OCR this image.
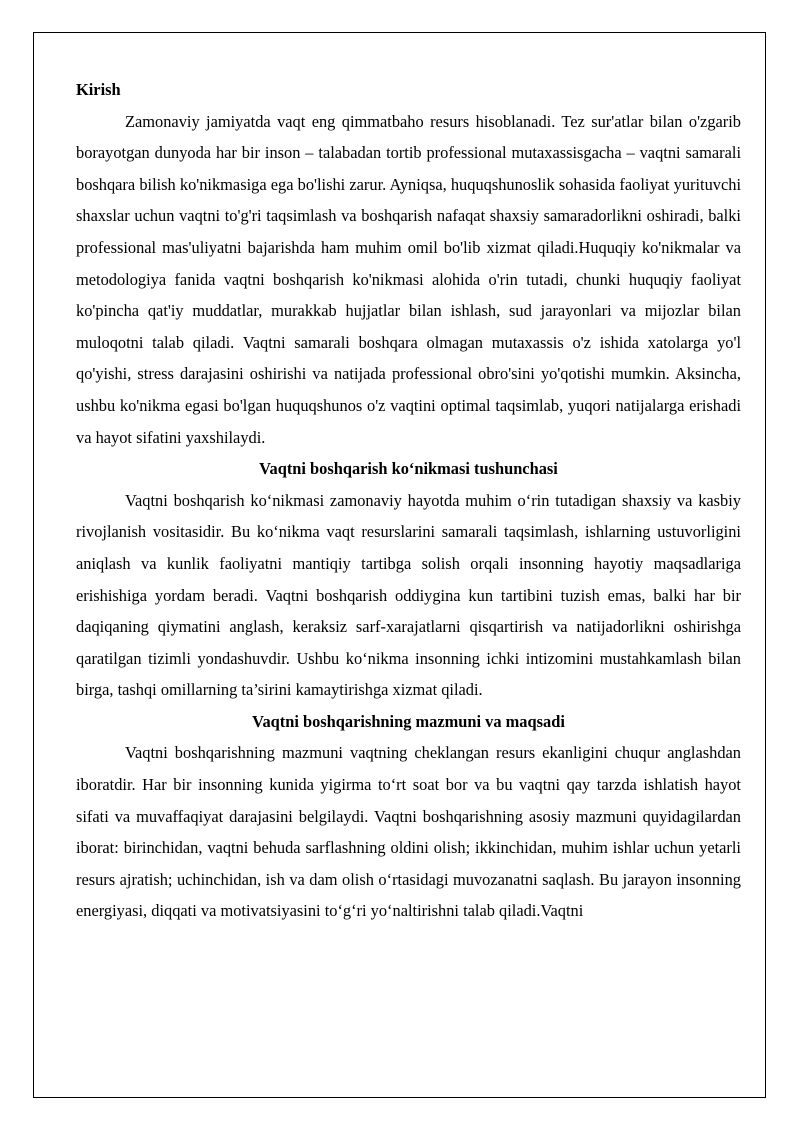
Kirish

Zamonaviy jamiyatda vaqt eng qimmatbaho resurs hisoblanadi. Tez sur'atlar bilan o'zgarib borayotgan dunyoda har bir inson – talabadan tortib professional mutaxassisgacha – vaqtni samarali boshqara bilish ko'nikmasiga ega bo'lishi zarur. Ayniqsa, huquqshunoslik sohasida faoliyat yurituvchi shaxslar uchun vaqtni to'g'ri taqsimlash va boshqarish nafaqat shaxsiy samaradorlikni oshiradi, balki professional mas'uliyatni bajarishda ham muhim omil bo'lib xizmat qiladi.Huquqiy ko'nikmalar va metodologiya fanida vaqtni boshqarish ko'nikmasi alohida o'rin tutadi, chunki huquqiy faoliyat ko'pincha qat'iy muddatlar, murakkab hujjatlar bilan ishlash, sud jarayonlari va mijozlar bilan muloqotni talab qiladi. Vaqtni samarali boshqara olmagan mutaxassis o'z ishida xatolarga yo'l qo'yishi, stress darajasini oshirishi va natijada professional obro'sini yo'qotishi mumkin. Aksincha, ushbu ko'nikma egasi bo'lgan huquqshunos o'z vaqtini optimal taqsimlab, yuqori natijalarga erishadi va hayot sifatini yaxshilaydi.

Vaqtni boshqarish ko‘nikmasi tushunchasi

Vaqtni boshqarish ko‘nikmasi zamonaviy hayotda muhim o‘rin tutadigan shaxsiy va kasbiy rivojlanish vositasidir. Bu ko‘nikma vaqt resurslarini samarali taqsimlash, ishlarning ustuvorligini aniqlash va kunlik faoliyatni mantiqiy tartibga solish orqali insonning hayotiy maqsadlariga erishishiga yordam beradi. Vaqtni boshqarish oddiygina kun tartibini tuzish emas, balki har bir daqiqaning qiymatini anglash, keraksiz sarf-xarajatlarni qisqartirish va natijadorlikni oshirishga qaratilgan tizimli yondashuvdir. Ushbu ko‘nikma insonning ichki intizomini mustahkamlash bilan birga, tashqi omillarning ta’sirini kamaytirishga xizmat qiladi.

Vaqtni boshqarishning mazmuni va maqsadi

Vaqtni boshqarishning mazmuni vaqtning cheklangan resurs ekanligini chuqur anglashdan iboratdir. Har bir insonning kunida yigirma to‘rt soat bor va bu vaqtni qay tarzda ishlatish hayot sifati va muvaffaqiyat darajasini belgilaydi. Vaqtni boshqarishning asosiy mazmuni quyidagilardan iborat: birinchidan, vaqtni behuda sarflashning oldini olish; ikkinchidan, muhim ishlar uchun yetarli resurs ajratish; uchinchidan, ish va dam olish o‘rtasidagi muvozanatni saqlash. Bu jarayon insonning energiyasi, diqqati va motivatsiyasini to‘g‘ri yo‘naltirishni talab qiladi.Vaqtni
